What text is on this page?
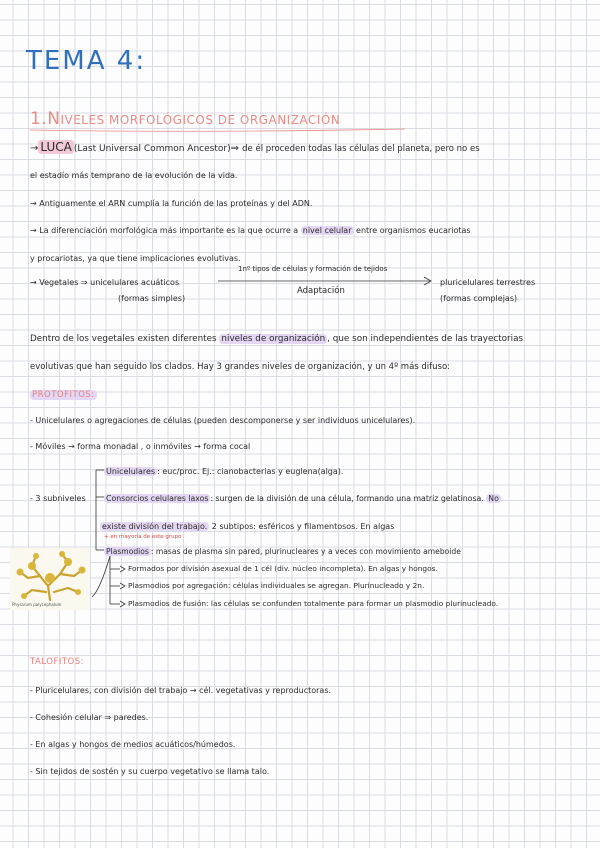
TEMA 4:
1.NIVELES MORFOLÓGICOS DE ORGANIZACIÓN
→ LUCA (Last Universal Common Ancestor)⇒ de él proceden todas las células del planeta, pero no es
el estadío más temprano de la evolución de la vida.
→ Antiguamente el ARN cumplía la función de las proteínas y del ADN.
→ La diferenciación morfológica más importante es la que ocurre a nivel celular entre organismos eucariotas
y procariotas, ya que tiene implicaciones evolutivas.
→ Vegetales ⇒ unicelulares acuáticos
(formas simples)
1nº tipos de células y formación de tejidos
Adaptación
pluricelulares terrestres
(formas complejas)
Dentro de los vegetales existen diferentes niveles de organización , que son independientes de las trayectorias
evolutivas que han seguido los clados. Hay 3 grandes niveles de organización, y un 4º más difuso:
PROTOFITOS:
- Unicelulares o agregaciones de células (pueden descomponerse y ser individuos unicelulares).
- Móviles → forma monadal , o inmóviles → forma cocal
- 3 subniveles
Unicelulares : euc/proc. Ej.: cianobacterias y euglena(alga).
Consorcios celulares laxos : surgen de la división de una célula, formando una matriz gelatinosa. No
existe división del trabajo. 2 subtipos: esféricos y filamentosos. En algas
+ en mayoría de este grupo
Plasmodios : masas de plasma sin pared, plurinucleares y a veces con movimiento ameboide
Formados por división asexual de 1 cél (div. núcleo incompleta). En algas y hongos.
Plasmodios por agregación: células individuales se agregan. Plurinucleado y 2n.
Plasmodios de fusión: las células se confunden totalmente para formar un plasmodio plurinucleado.
Physarum polycephalum
TALOFITOS:
- Pluricelulares, con división del trabajo → cél. vegetativas y reproductoras.
- Cohesión celular ⇒ paredes.
- En algas y hongos de medios acuáticos/húmedos.
- Sin tejidos de sostén y su cuerpo vegetativo se llama talo.
